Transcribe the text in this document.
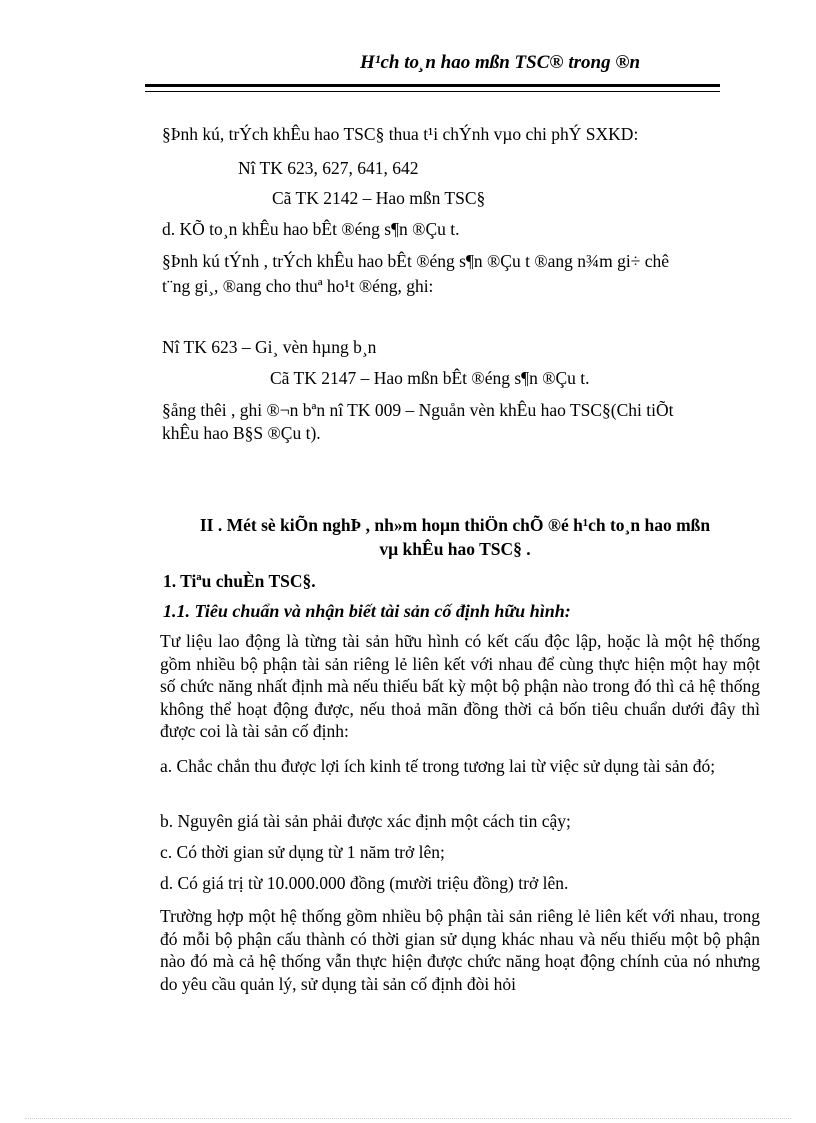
H¹ch to¸n hao mßn TSC® trong ®n
§Þnh kú, trÝch khÊu hao TSC§ thua t¹i chÝnh vµo chi phÝ SXKD:
Nî TK 623, 627, 641, 642
Cã TK 2142 – Hao mßn TSC§
d. KÕ to¸n khÊu hao bÊt ®éng s¶n ®Çu t.
§Þnh kú tÝnh , trÝch khÊu hao bÊt ®éng s¶n ®Çu t ®ang n¾m gi÷ chê
t¨ng gi¸, ®ang cho thuª ho¹t ®éng, ghi:
Nî TK 623 – Gi¸ vèn hµng b¸n
Cã TK 2147 – Hao mßn bÊt ®éng s¶n ®Çu t.
§ång thêi , ghi ®¬n bªn nî TK 009 – Nguån vèn khÊu hao TSC§(Chi tiÕt
khÊu hao B§S ®Çu t).
II . Mét sè kiÕn nghÞ , nh»m hoµn thiÖn chÕ ®é h¹ch to¸n hao mßn
vµ khÊu hao TSC§ .
1. Tiªu chuÈn TSC§.
1.1. Tiêu chuẩn và nhận biết tài sản cố định hữu hình:
Tư liệu lao động là từng tài sản hữu hình có kết cấu độc lập, hoặc là một hệ thống gồm nhiều bộ phận tài sản riêng lẻ liên kết với nhau để cùng thực hiện một hay một số chức năng nhất định mà nếu thiếu bất kỳ một bộ phận nào trong đó thì cả hệ thống không thể hoạt động được, nếu thoả mãn đồng thời cả bốn tiêu chuẩn dưới đây thì được coi là tài sản cố định:
a. Chắc chắn thu được lợi ích kinh tế trong tương lai từ việc sử dụng tài sản đó;
b. Nguyên giá tài sản phải được xác định một cách tin cậy;
c. Có thời gian sử dụng từ 1 năm trở lên;
d. Có giá trị từ 10.000.000 đồng (mười triệu đồng) trở lên.
Trường hợp một hệ thống gồm nhiều bộ phận tài sản riêng lẻ liên kết với nhau, trong đó mỗi bộ phận cấu thành có thời gian sử dụng khác nhau và nếu thiếu một bộ phận nào đó mà cả hệ thống vẫn thực hiện được chức năng hoạt động chính của nó nhưng do yêu cầu quản lý, sử dụng tài sản cố định đòi hỏi
